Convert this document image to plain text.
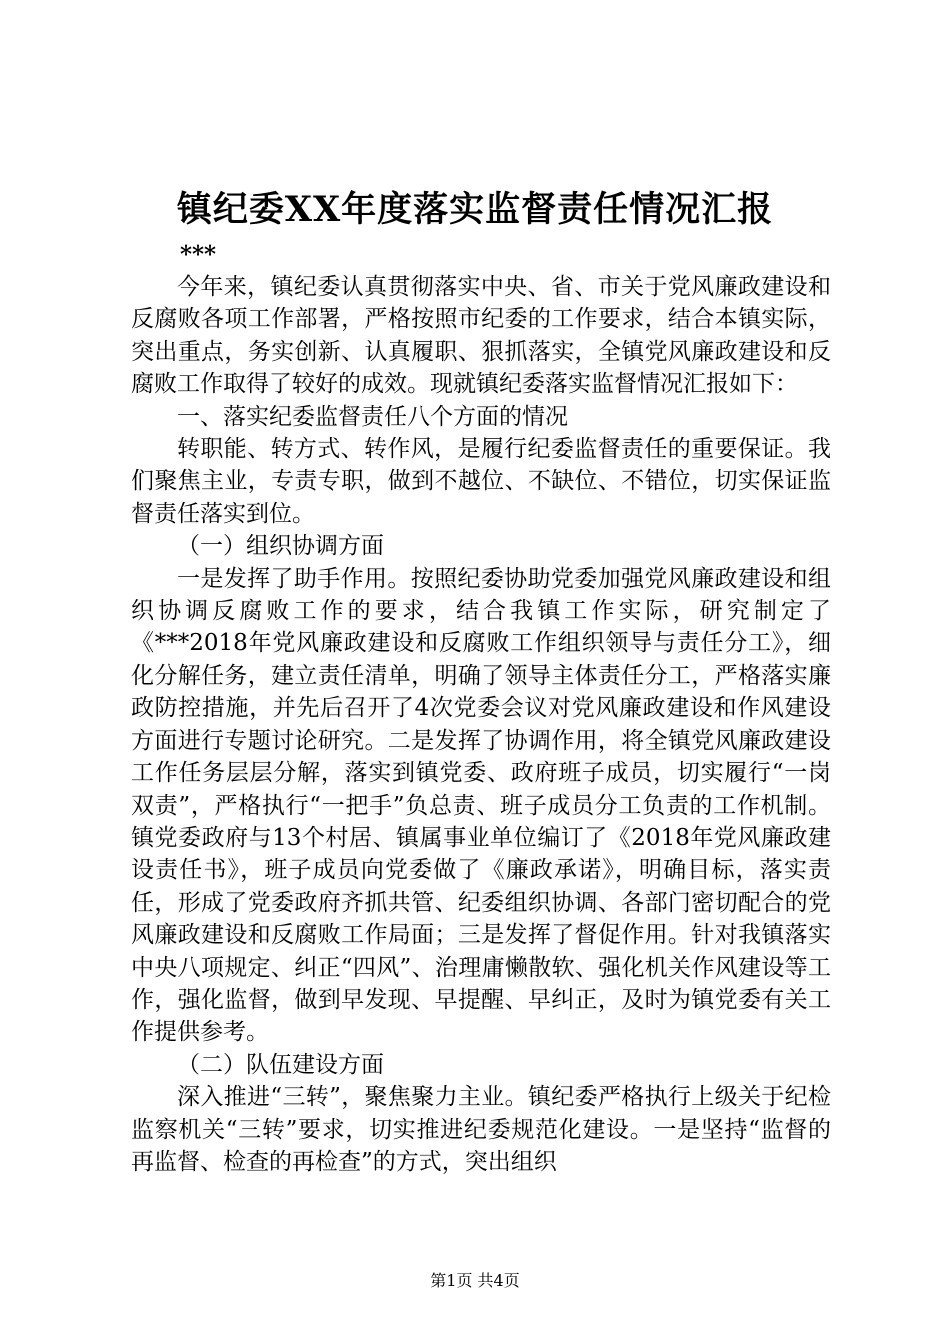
镇纪委XX年度落实监督责任情况汇报
***

今年来，镇纪委认真贯彻落实中央、省、市关于党风廉政建设和反腐败各项工作部署，严格按照市纪委的工作要求，结合本镇实际，突出重点，务实创新、认真履职、狠抓落实，全镇党风廉政建设和反腐败工作取得了较好的成效。现就镇纪委落实监督情况汇报如下：

一、落实纪委监督责任八个方面的情况

转职能、转方式、转作风，是履行纪委监督责任的重要保证。我们聚焦主业，专责专职，做到不越位、不缺位、不错位，切实保证监督责任落实到位。

（一）组织协调方面

一是发挥了助手作用。按照纪委协助党委加强党风廉政建设和组织协调反腐败工作的要求，结合我镇工作实际，研究制定了《***2018年党风廉政建设和反腐败工作组织领导与责任分工》，细化分解任务，建立责任清单，明确了领导主体责任分工，严格落实廉政防控措施，并先后召开了4次党委会议对党风廉政建设和作风建设方面进行专题讨论研究。二是发挥了协调作用，将全镇党风廉政建设工作任务层层分解，落实到镇党委、政府班子成员，切实履行“一岗双责”，严格执行“一把手”负总责、班子成员分工负责的工作机制。镇党委政府与13个村居、镇属事业单位编订了《2018年党风廉政建设责任书》，班子成员向党委做了《廉政承诺》，明确目标，落实责任，形成了党委政府齐抓共管、纪委组织协调、各部门密切配合的党风廉政建设和反腐败工作局面；三是发挥了督促作用。针对我镇落实中央八项规定、纠正“四风”、治理庸懒散软、强化机关作风建设等工作，强化监督，做到早发现、早提醒、早纠正，及时为镇党委有关工作提供参考。

（二）队伍建设方面

深入推进“三转”，聚焦聚力主业。镇纪委严格执行上级关于纪检监察机关“三转”要求，切实推进纪委规范化建设。一是坚持“监督的再监督、检查的再检查”的方式，突出组织

第1页 共4页
